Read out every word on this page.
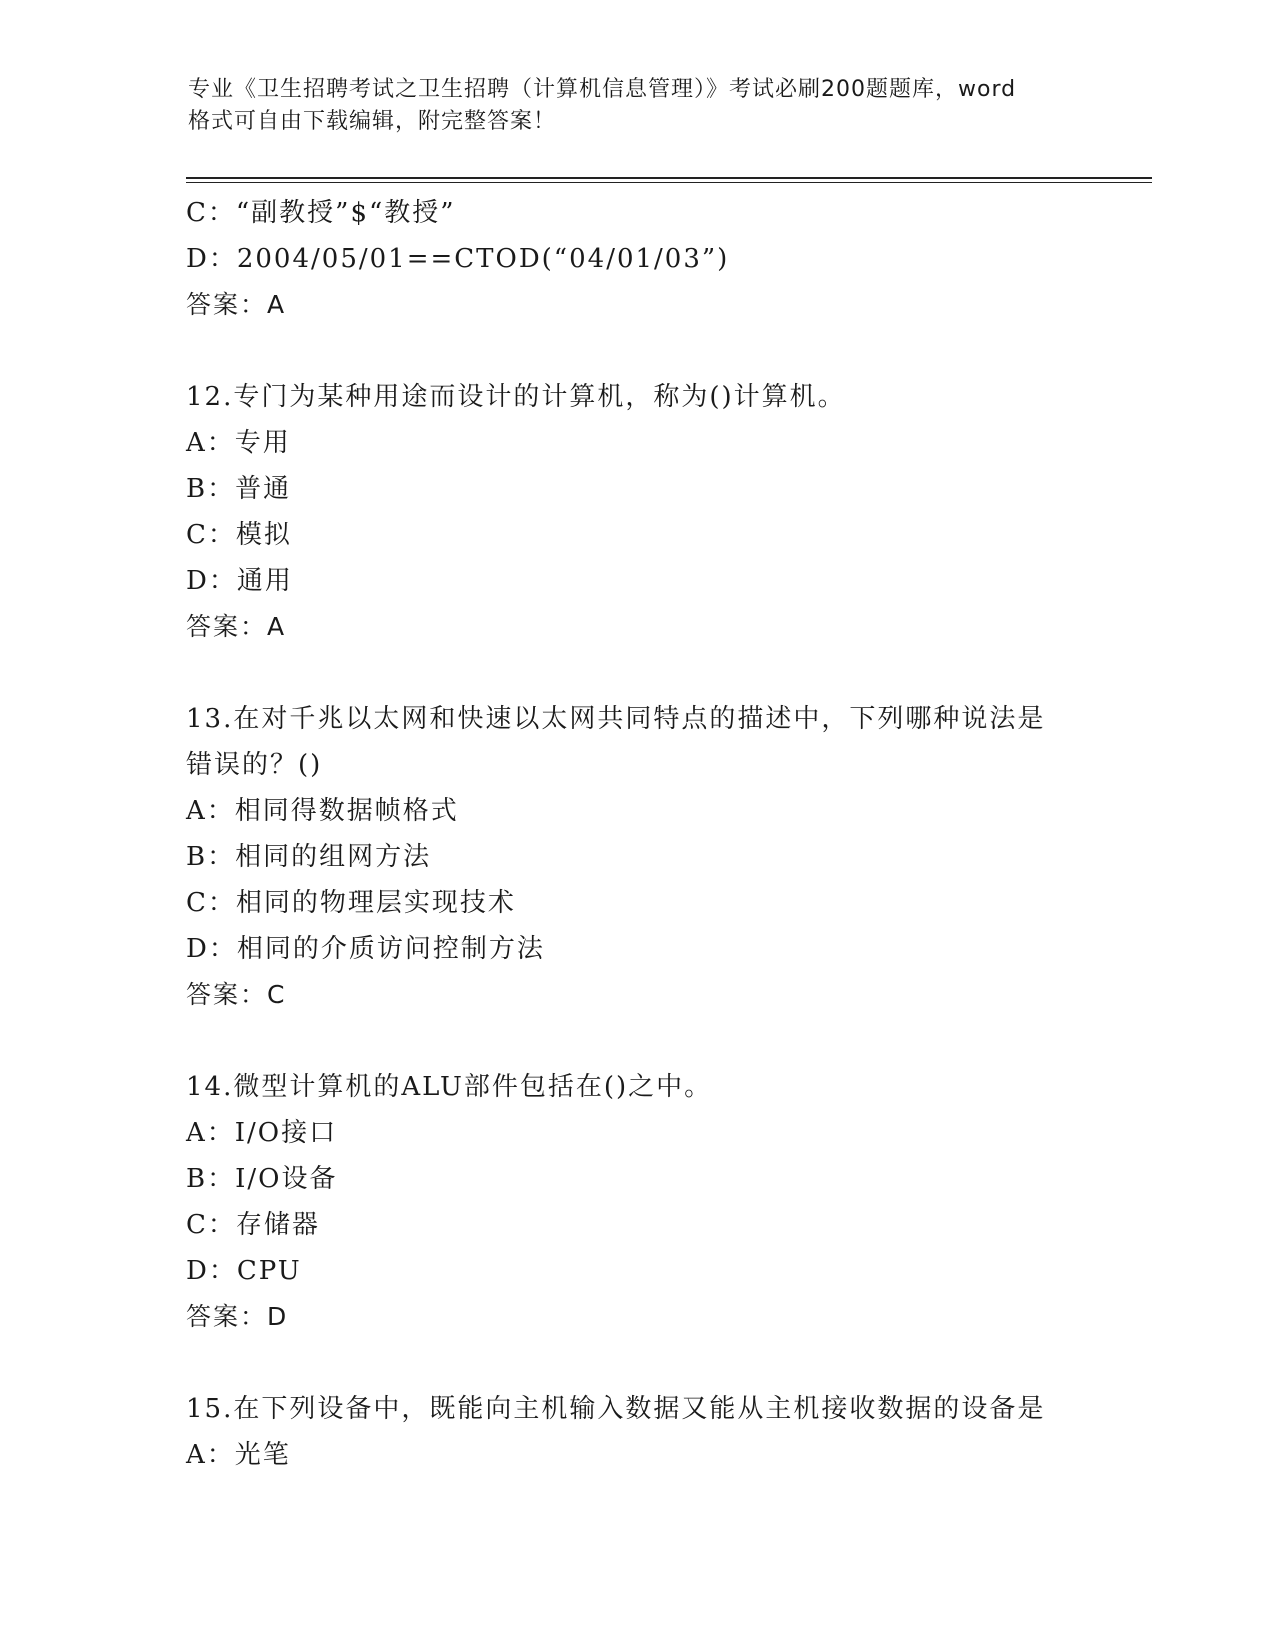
专业《卫生招聘考试之卫生招聘（计算机信息管理）》考试必刷200题题库，word
格式可自由下载编辑，附完整答案！
C：“副教授”$“教授”
D：2004/05/01==CTOD(“04/01/03”)
答案：A
12.专门为某种用途而设计的计算机，称为()计算机。
A：专用
B：普通
C：模拟
D：通用
答案：A
13.在对千兆以太网和快速以太网共同特点的描述中，下列哪种说法是
错误的？()
A：相同得数据帧格式
B：相同的组网方法
C：相同的物理层实现技术
D：相同的介质访问控制方法
答案：C
14.微型计算机的ALU部件包括在()之中。
A：I/O接口
B：I/O设备
C：存储器
D：CPU
答案：D
15.在下列设备中，既能向主机输入数据又能从主机接收数据的设备是
A：光笔
